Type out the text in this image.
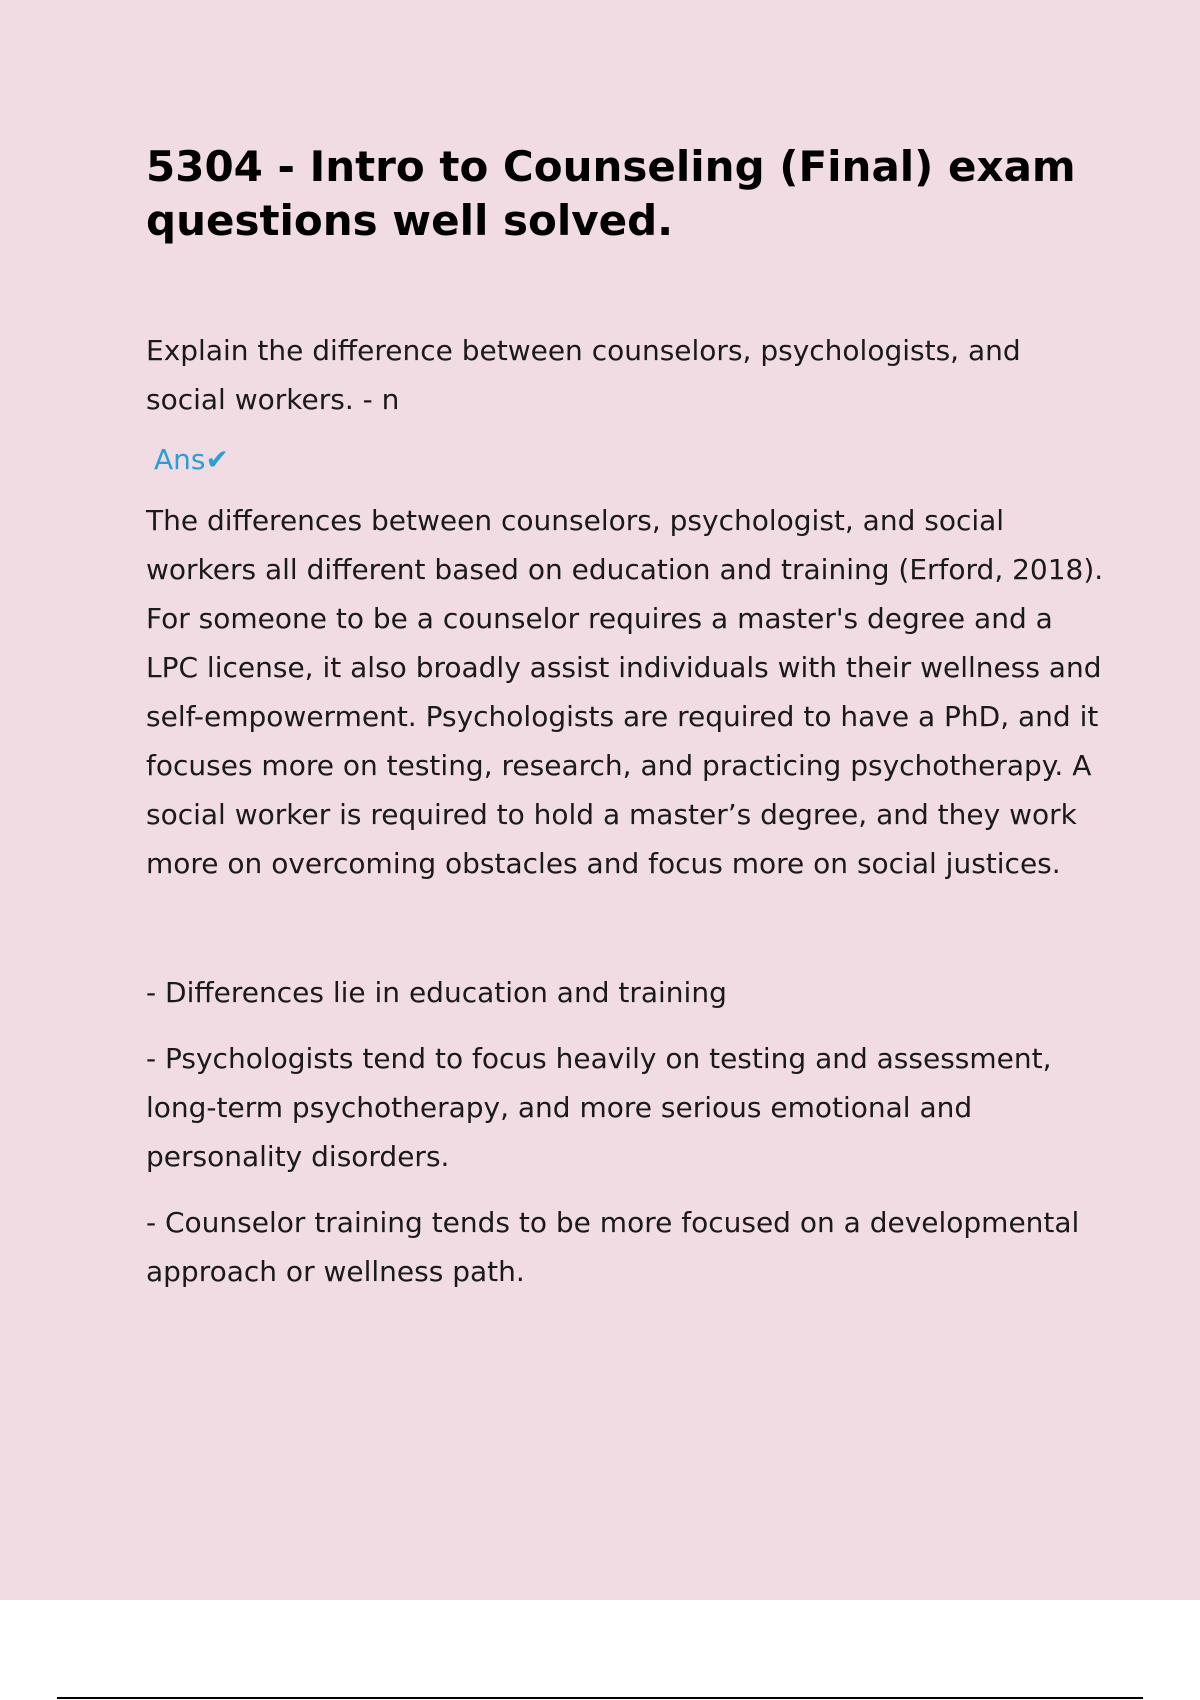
5304 - Intro to Counseling (Final) exam questions well solved.

Explain the difference between counselors, psychologists, and social workers. - n

Ans✔

The differences between counselors, psychologist, and social workers all different based on education and training (Erford, 2018). For someone to be a counselor requires a master's degree and a LPC license, it also broadly assist individuals with their wellness and self-empowerment. Psychologists are required to have a PhD, and it focuses more on testing, research, and practicing psychotherapy. A social worker is required to hold a master’s degree, and they work more on overcoming obstacles and focus more on social justices.

- Differences lie in education and training
- Psychologists tend to focus heavily on testing and assessment, long-term psychotherapy, and more serious emotional and personality disorders.
- Counselor training tends to be more focused on a developmental approach or wellness path.
